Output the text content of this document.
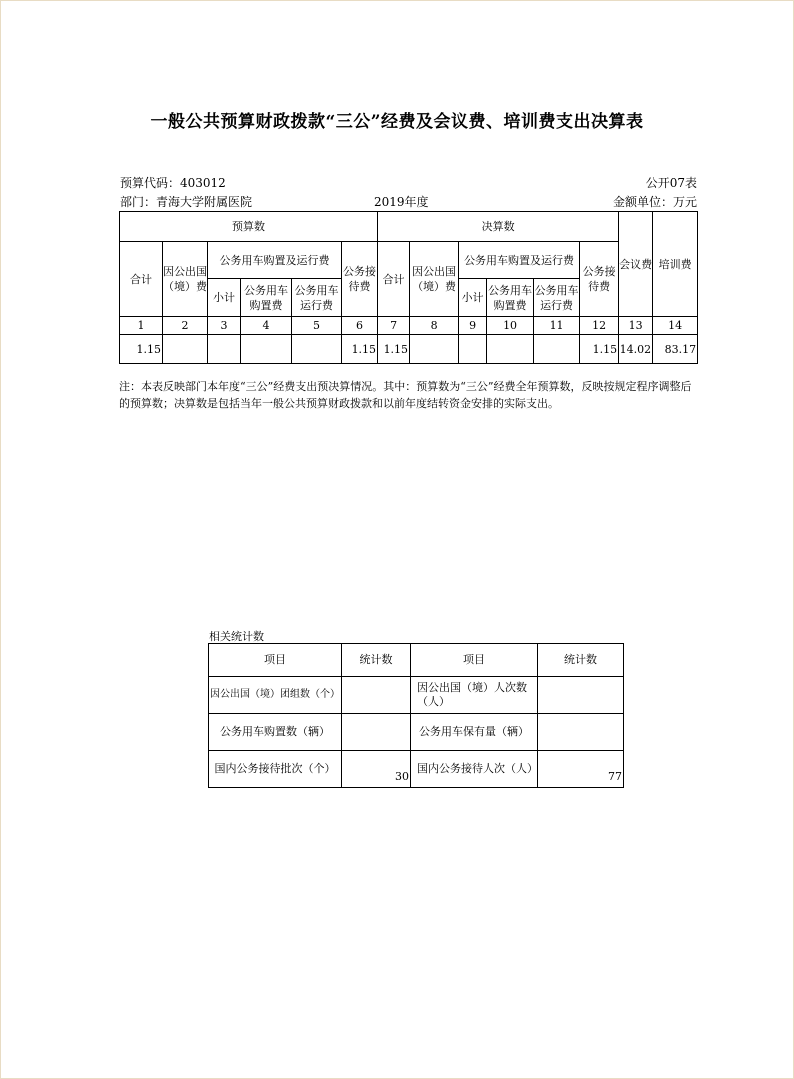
一般公共预算财政拨款“三公”经费及会议费、培训费支出决算表
预算代码：403012	公开07表
部门：青海大学附属医院	2019年度	金额单位：万元
预算数						决算数						会议费	培训费
合计	因公出国（境）费	公务用车购置及运行费			公务接待费	合计	因公出国（境）费	公务用车购置及运行费			公务接待费		
		小计	公务用车购置费	公务用车运行费				小计	公务用车购置费	公务用车运行费			
1	2	3	4	5	6	7	8	9	10	11	12	13	14
1.15					1.15	1.15					1.15	14.02	83.17
注：本表反映部门本年度“三公”经费支出预决算情况。其中：预算数为“三公”经费全年预算数，反映按规定程序调整后的预算数；决算数是包括当年一般公共预算财政拨款和以前年度结转资金安排的实际支出。
相关统计数
项目	统计数	项目	统计数
因公出国（境）团组数（个）		因公出国（境）人次数（人）	
公务用车购置数（辆）		公务用车保有量（辆）	
国内公务接待批次（个）	30	国内公务接待人次（人）	77
